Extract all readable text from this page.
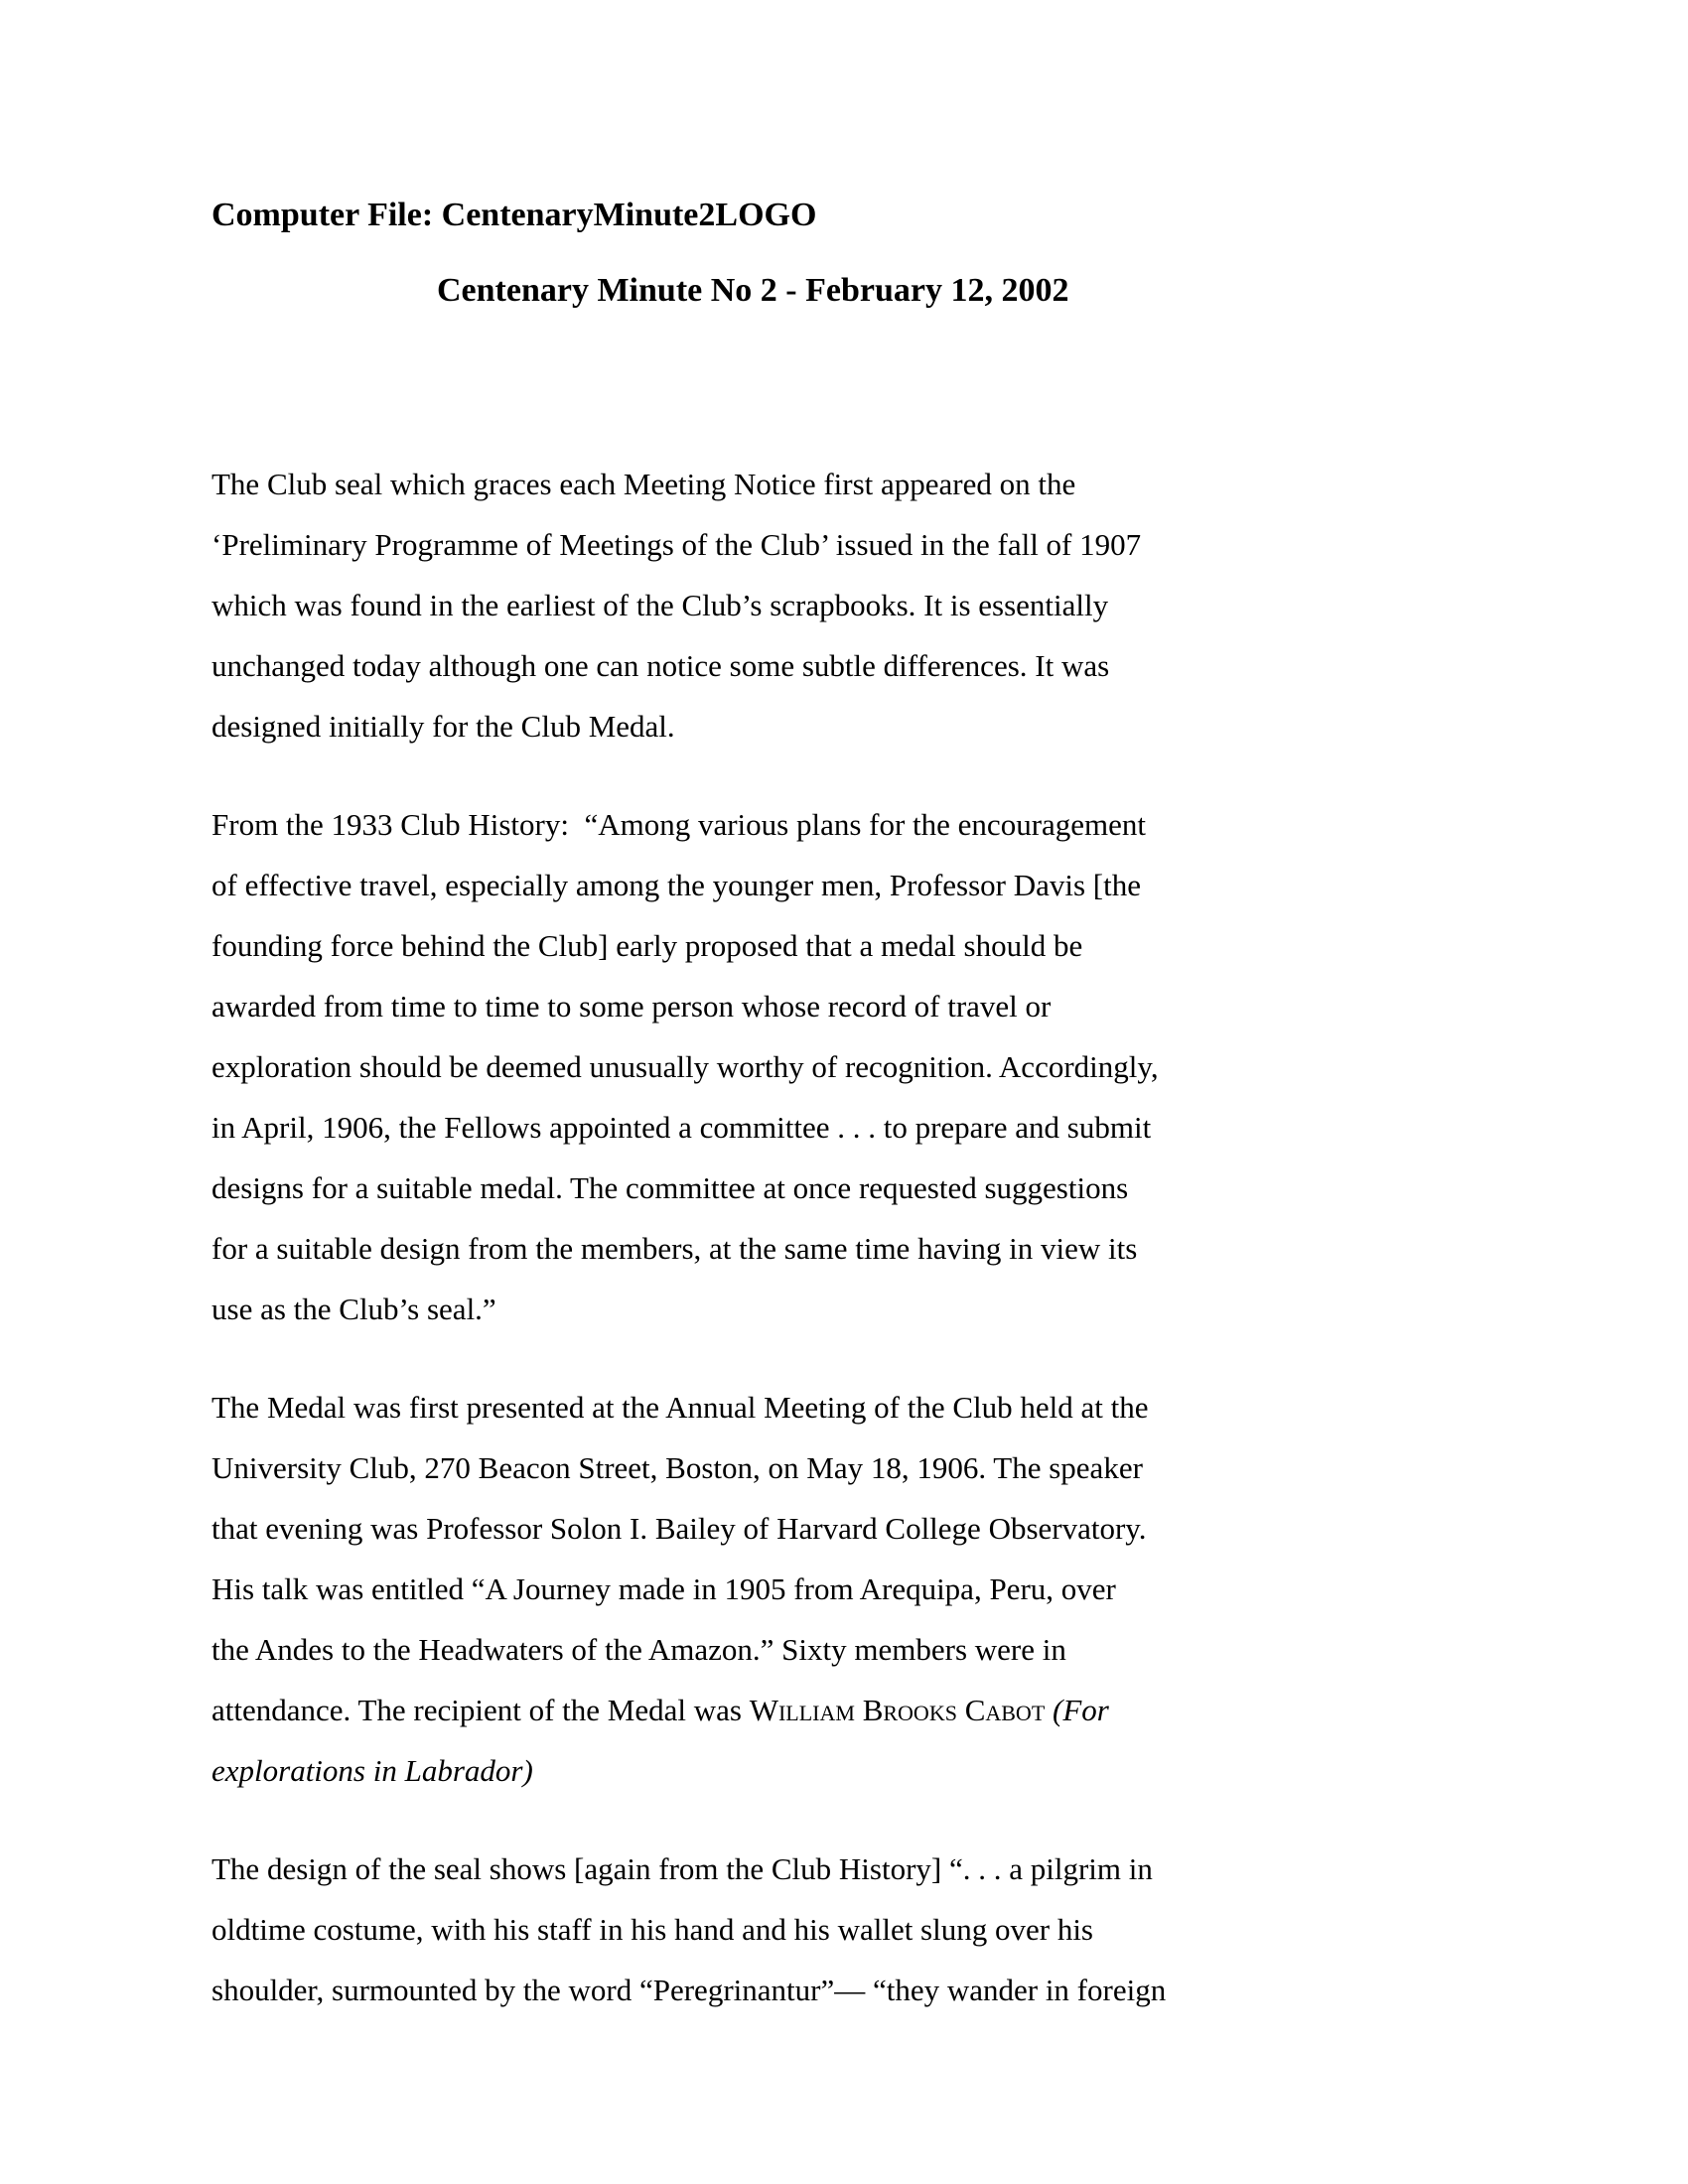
Computer File: CentenaryMinute2LOGO

Centenary Minute No 2 - February 12, 2002

The Club seal which graces each Meeting Notice first appeared on the
‘Preliminary Programme of Meetings of the Club’ issued in the fall of 1907
which was found in the earliest of the Club’s scrapbooks. It is essentially
unchanged today although one can notice some subtle differences. It was
designed initially for the Club Medal.
From the 1933 Club History:  “Among various plans for the encouragement
of effective travel, especially among the younger men, Professor Davis [the
founding force behind the Club] early proposed that a medal should be
awarded from time to time to some person whose record of travel or
exploration should be deemed unusually worthy of recognition. Accordingly,
in April, 1906, the Fellows appointed a committee . . . to prepare and submit
designs for a suitable medal. The committee at once requested suggestions
for a suitable design from the members, at the same time having in view its
use as the Club’s seal.”
The Medal was first presented at the Annual Meeting of the Club held at the
University Club, 270 Beacon Street, Boston, on May 18, 1906. The speaker
that evening was Professor Solon I. Bailey of Harvard College Observatory.
His talk was entitled “A Journey made in 1905 from Arequipa, Peru, over
the Andes to the Headwaters of the Amazon.” Sixty members were in
attendance. The recipient of the Medal was William Brooks Cabot (For
explorations in Labrador)
The design of the seal shows [again from the Club History] “. . . a pilgrim in
oldtime costume, with his staff in his hand and his wallet slung over his
shoulder, surmounted by the word “Peregrinantur”— “they wander in foreign
